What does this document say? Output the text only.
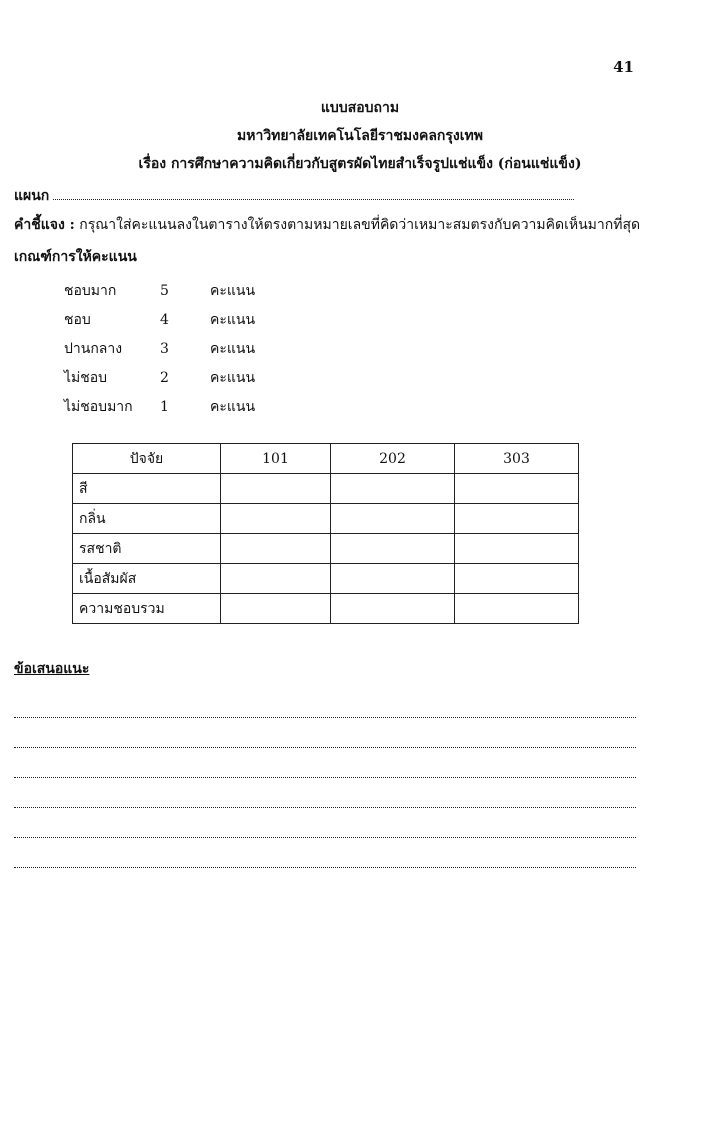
41
แบบสอบถาม
มหาวิทยาลัยเทคโนโลยีราชมงคลกรุงเทพ
เรื่อง การศึกษาความคิดเกี่ยวกับสูตรผัดไทยสำเร็จรูปแช่แข็ง (ก่อนแช่แข็ง)
แผนก
คำชี้แจง : กรุณาใส่คะแนนลงในตารางให้ตรงตามหมายเลขที่คิดว่าเหมาะสมตรงกับความคิดเห็นมากที่สุด
เกณฑ์การให้คะแนน
ชอบมาก	5	คะแนน
ชอบ	4	คะแนน
ปานกลาง	3	คะแนน
ไม่ชอบ	2	คะแนน
ไม่ชอบมาก	1	คะแนน
ปัจจัย	101	202	303
สี			
กลิ่น			
รสชาติ			
เนื้อสัมผัส			
ความชอบรวม			
ข้อเสนอแนะ
